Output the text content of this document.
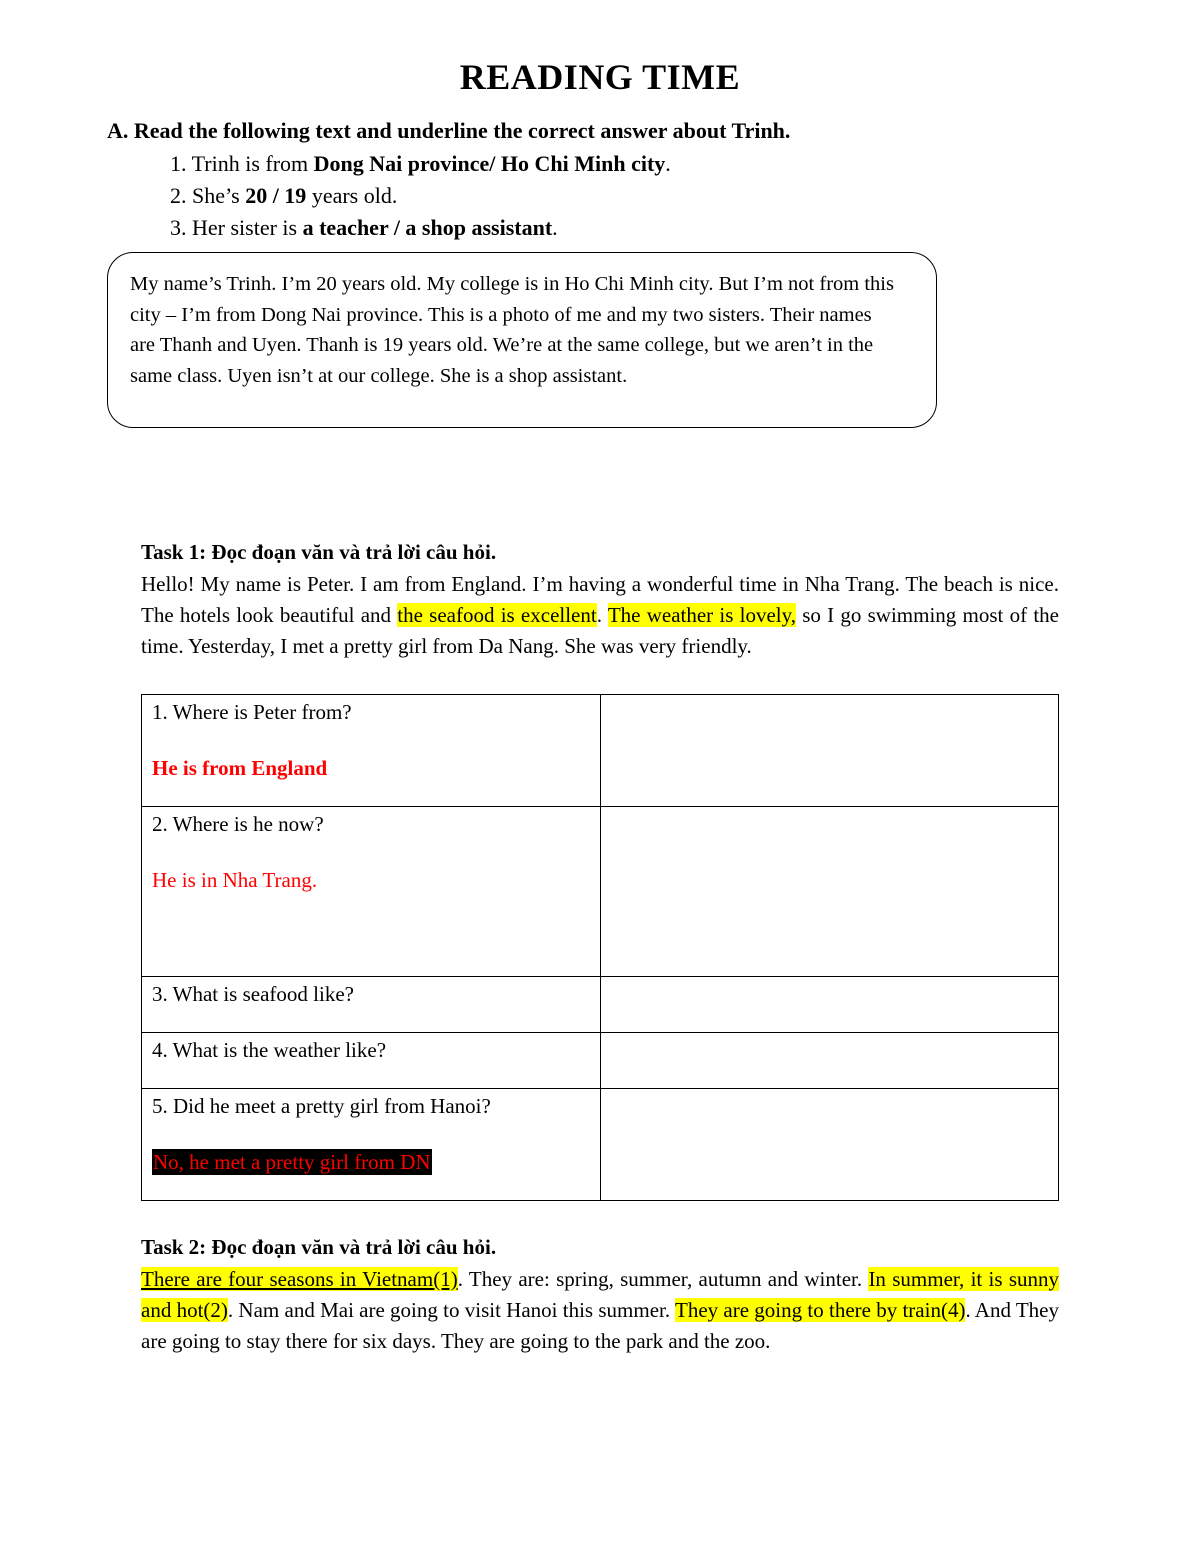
READING TIME
A. Read the following text and underline the correct answer about Trinh.
1. Trinh is from Dong Nai province/ Ho Chi Minh city.
2. She’s 20 / 19 years old.
3. Her sister is a teacher / a shop assistant.
My name’s Trinh. I’m 20 years old. My college is in Ho Chi Minh city. But I’m not from this city – I’m from Dong Nai province. This is a photo of me and my two sisters. Their names are Thanh and Uyen. Thanh is 19 years old. We’re at the same college, but we aren’t in the same class. Uyen isn’t at our college. She is a shop assistant.
Task 1: Đọc đoạn văn và trả lời câu hỏi.
Hello! My name is Peter. I am from England. I’m having a wonderful time in Nha Trang. The beach is nice. The hotels look beautiful and the seafood is excellent. The weather is lovely, so I go swimming most of the time. Yesterday, I met a pretty girl from Da Nang. She was very friendly.
1. Where is Peter from?
He is from England	

2. Where is he now?
He is in Nha Trang.	

3. What is seafood like?	

4. What is the weather like?	

5. Did he meet a pretty girl from Hanoi?
No, he met a pretty girl from DN	
Task 2: Đọc đoạn văn và trả lời câu hỏi.
There are four seasons in Vietnam(1). They are: spring, summer, autumn and winter. In summer, it is sunny and hot(2). Nam and Mai are going to visit Hanoi this summer. They are going to there by train(4). And They are going to stay there for six days. They are going to the park and the zoo.
